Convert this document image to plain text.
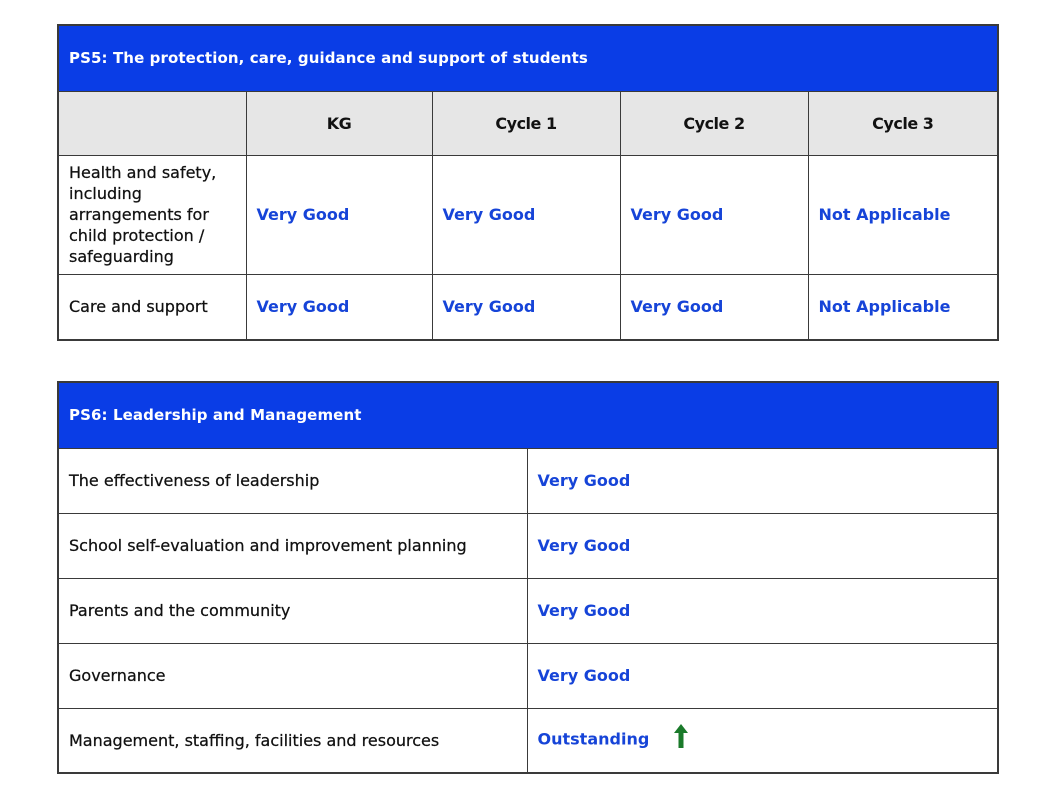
PS5: The protection, care, guidance and support of students				
	KG	Cycle 1	Cycle 2	Cycle 3
Health and safety, including arrangements for child protection / safeguarding	Very Good	Very Good	Very Good	Not Applicable
Care and support	Very Good	Very Good	Very Good	Not Applicable
PS6: Leadership and Management	
The effectiveness of leadership	Very Good
School self-evaluation and improvement planning	Very Good
Parents and the community	Very Good
Governance	Very Good
Management, staffing, facilities and resources	Outstanding
